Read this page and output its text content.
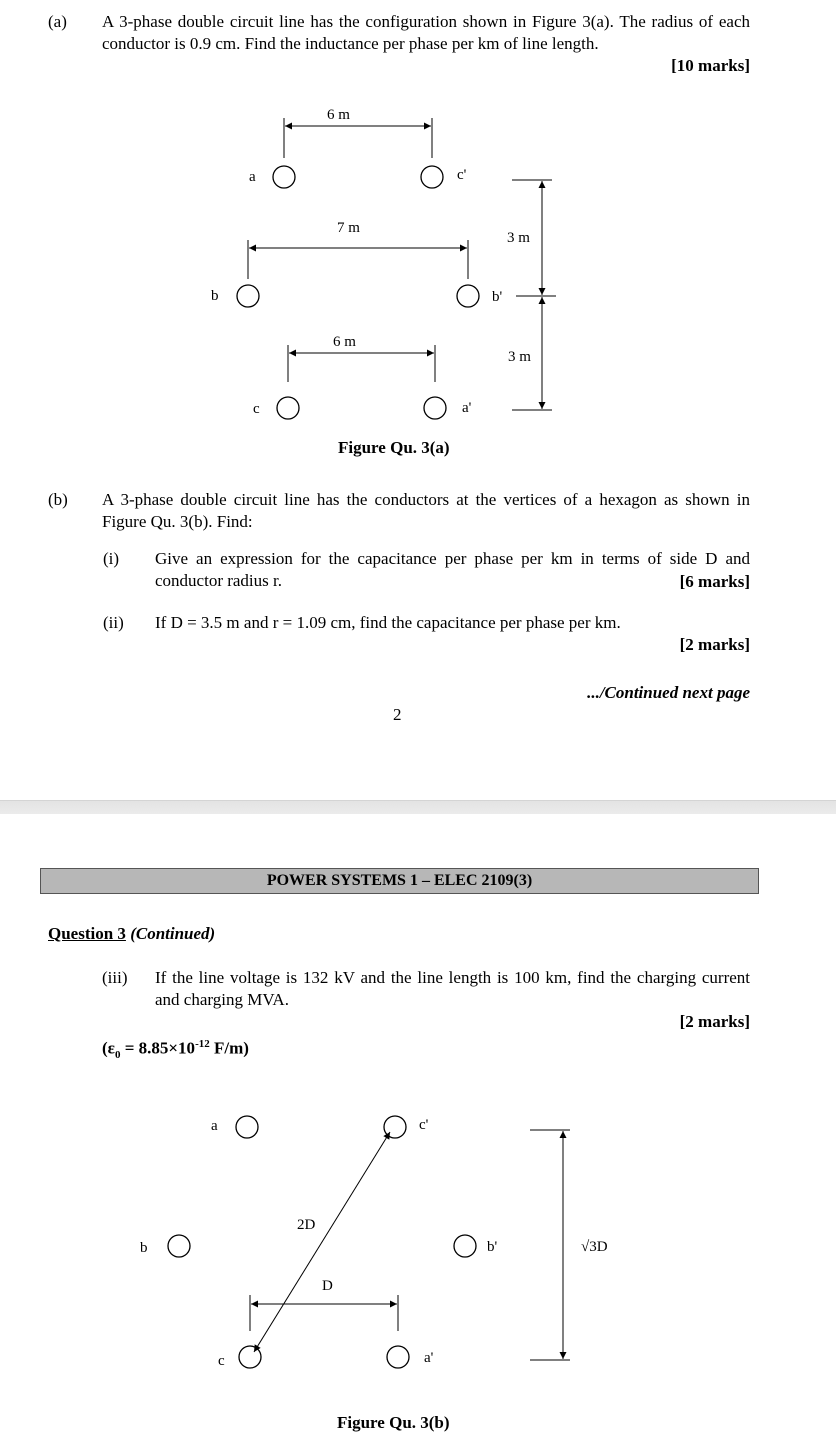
(a) A 3-phase double circuit line has the configuration shown in Figure 3(a). The radius of each conductor is 0.9 cm. Find the inductance per phase per km of line length.
[10 marks]
6 m
a	c'
7 m
3 m
b	b'
6 m
3 m
c	a'
Figure Qu. 3(a)
(b) A 3-phase double circuit line has the conductors at the vertices of a hexagon as shown in Figure Qu. 3(b). Find:
(i) Give an expression for the capacitance per phase per km in terms of side D and conductor radius r.	[6 marks]
(ii) If D = 3.5 m and r = 1.09 cm, find the capacitance per phase per km.
[2 marks]
.../Continued next page
2
POWER SYSTEMS 1 – ELEC 2109(3)
Question 3 (Continued)
(iii) If the line voltage is 132 kV and the line length is 100 km, find the charging current and charging MVA.
[2 marks]
($\varepsilon_0 = 8.85\times 10^{-12}$ F/m)
a	c'
2D
b	b'	√3D
D
c	a'
Figure Qu. 3(b)
